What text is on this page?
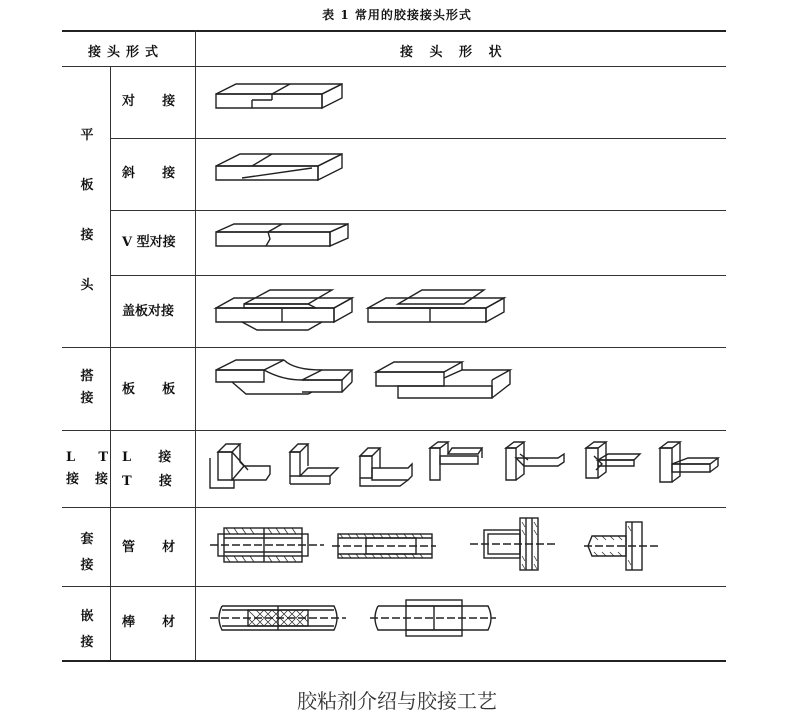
表 1 常用的胶接接头形式
接头形式	接 头 形 状
平
板
接
头
对      接
斜      接
V 型对接
盖板对接
搭
接
板      板
L T
接 接
L      接
T      接
套
接
管      材
嵌
接
棒      材
胶粘剂介绍与胶接工艺
